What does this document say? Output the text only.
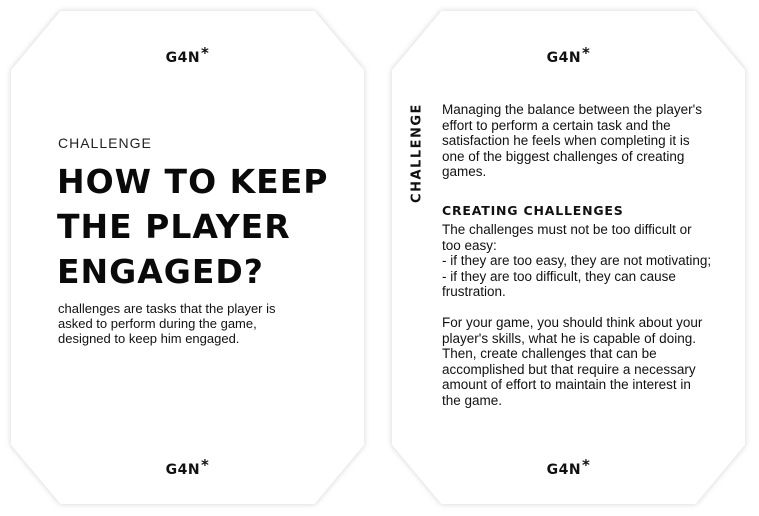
G4N*
CHALLENGE
HOW TO KEEP
THE PLAYER
ENGAGED?
challenges are tasks that the player is asked to perform during the game, designed to keep him engaged.
G4N*
G4N*
CHALLENGE Managing the balance between the player's effort to perform a certain task and the satisfaction he feels when completing it is one of the biggest challenges of creating games.
CREATING CHALLENGES

The challenges must not be too difficult or too easy:

- if they are too easy, they are not motivating;

- if they are too difficult, they can cause frustration.

For your game, you should think about your player's skills, what he is capable of doing.

Then, create challenges that can be accomplished but that require a necessary amount of effort to maintain the interest in the game.

G4N*
